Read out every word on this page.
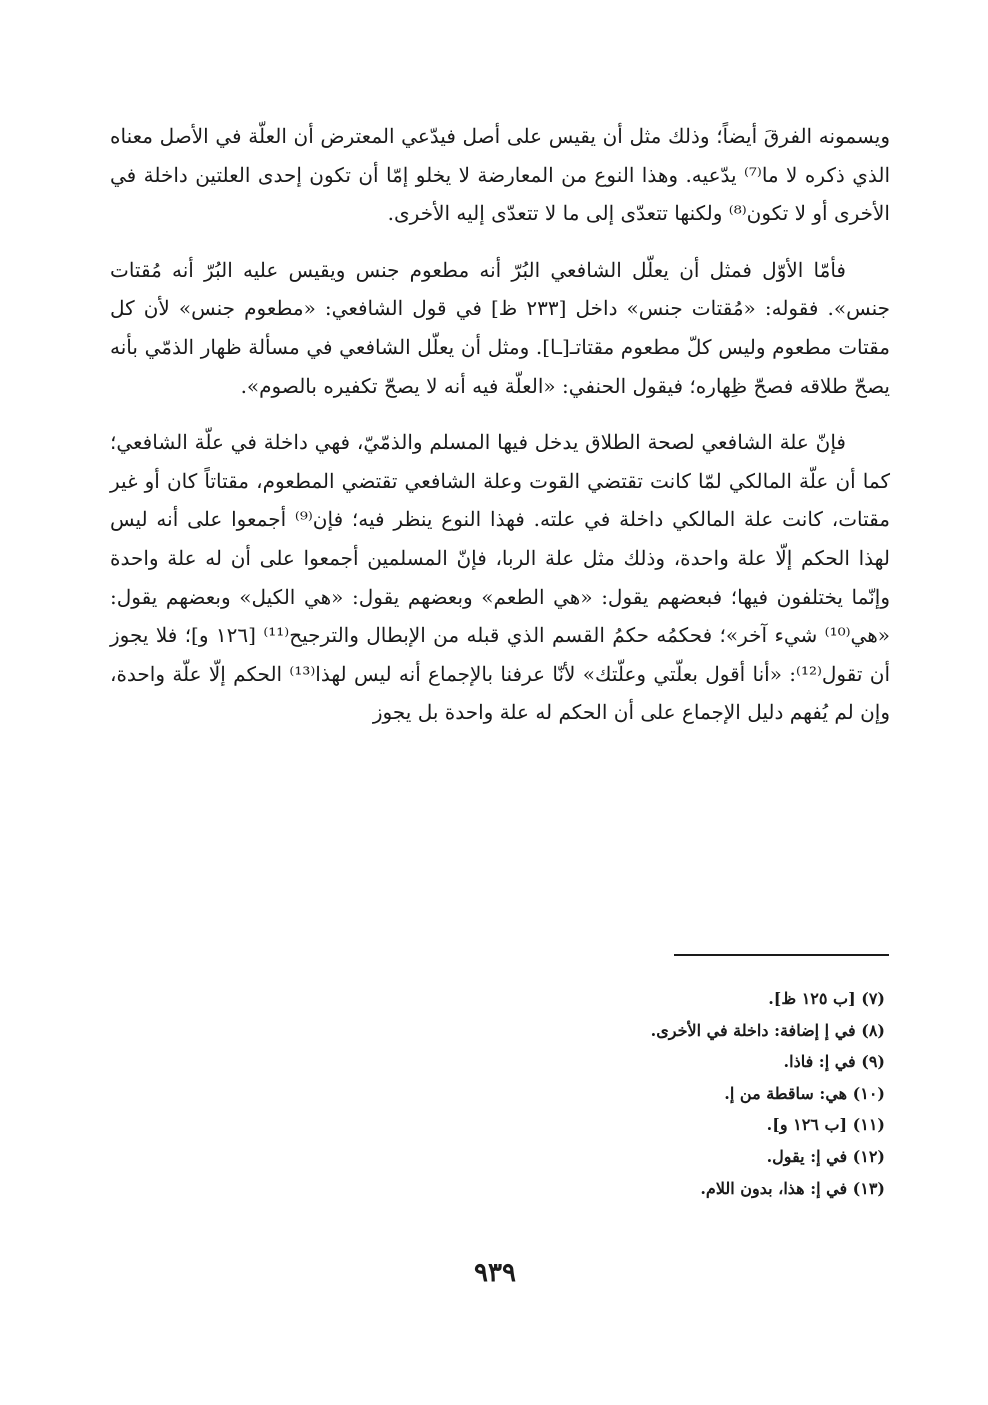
ويسمونه الفرقَ أيضاً؛ وذلك مثل أن يقيس على أصل فيدّعي المعترض أن العلّة في الأصل معناه الذي ذكره لا ما⁽⁷⁾ يدّعيه. وهذا النوع من المعارضة لا يخلو إمّا أن تكون إحدى العلتين داخلة في الأخرى أو لا تكون⁽⁸⁾ ولكنها تتعدّى إلى ما لا تتعدّى إليه الأخرى.

فأمّا الأوّل فمثل أن يعلّل الشافعي البُرّ أنه مطعوم جنس ويقيس عليه البُرّ أنه مُقتات جنس». فقوله: «مُقتات جنس» داخل [٢٣٣ ظ] في قول الشافعي: «مطعوم جنس» لأن كل مقتات مطعوم وليس كلّ مطعوم مقتاتـ[ـا]. ومثل أن يعلّل الشافعي في مسألة ظهار الذمّي بأنه يصحّ طلاقه فصحّ ظِهاره؛ فيقول الحنفي: «العلّة فيه أنه لا يصحّ تكفيره بالصوم».

فإنّ علة الشافعي لصحة الطلاق يدخل فيها المسلم والذمّيّ، فهي داخلة في علّة الشافعي؛ كما أن علّة المالكي لمّا كانت تقتضي القوت وعلة الشافعي تقتضي المطعوم، مقتاتاً كان أو غير مقتات، كانت علة المالكي داخلة في علته. فهذا النوع ينظر فيه؛ فإن⁽⁹⁾ أجمعوا على أنه ليس لهذا الحكم إلّا علة واحدة، وذلك مثل علة الربا، فإنّ المسلمين أجمعوا على أن له علة واحدة وإنّما يختلفون فيها؛ فبعضهم يقول: «هي الطعم» وبعضهم يقول: «هي الكيل» وبعضهم يقول: «هي⁽¹⁰⁾ شيء آخر»؛ فحكمُه حكمُ القسم الذي قبله من الإبطال والترجيح⁽¹¹⁾ [١٢٦ و]؛ فلا يجوز أن تقول⁽¹²⁾: «أنا أقول بعلّتي وعلّتك» لأنّا عرفنا بالإجماع أنه ليس لهذا⁽¹³⁾ الحكم إلّا علّة واحدة، وإن لم يُفهم دليل الإجماع على أن الحكم له علة واحدة بل يجوز

(٧) [ب ١٢٥ ظ].
(٨) في إ إضافة: داخلة في الأخرى.
(٩) في إ: فاذا.
(١٠) هي: ساقطة من إ.
(١١) [ب ١٢٦ و].
(١٢) في إ: يقول.
(١٣) في إ: هذا، بدون اللام.
٩٣٩
